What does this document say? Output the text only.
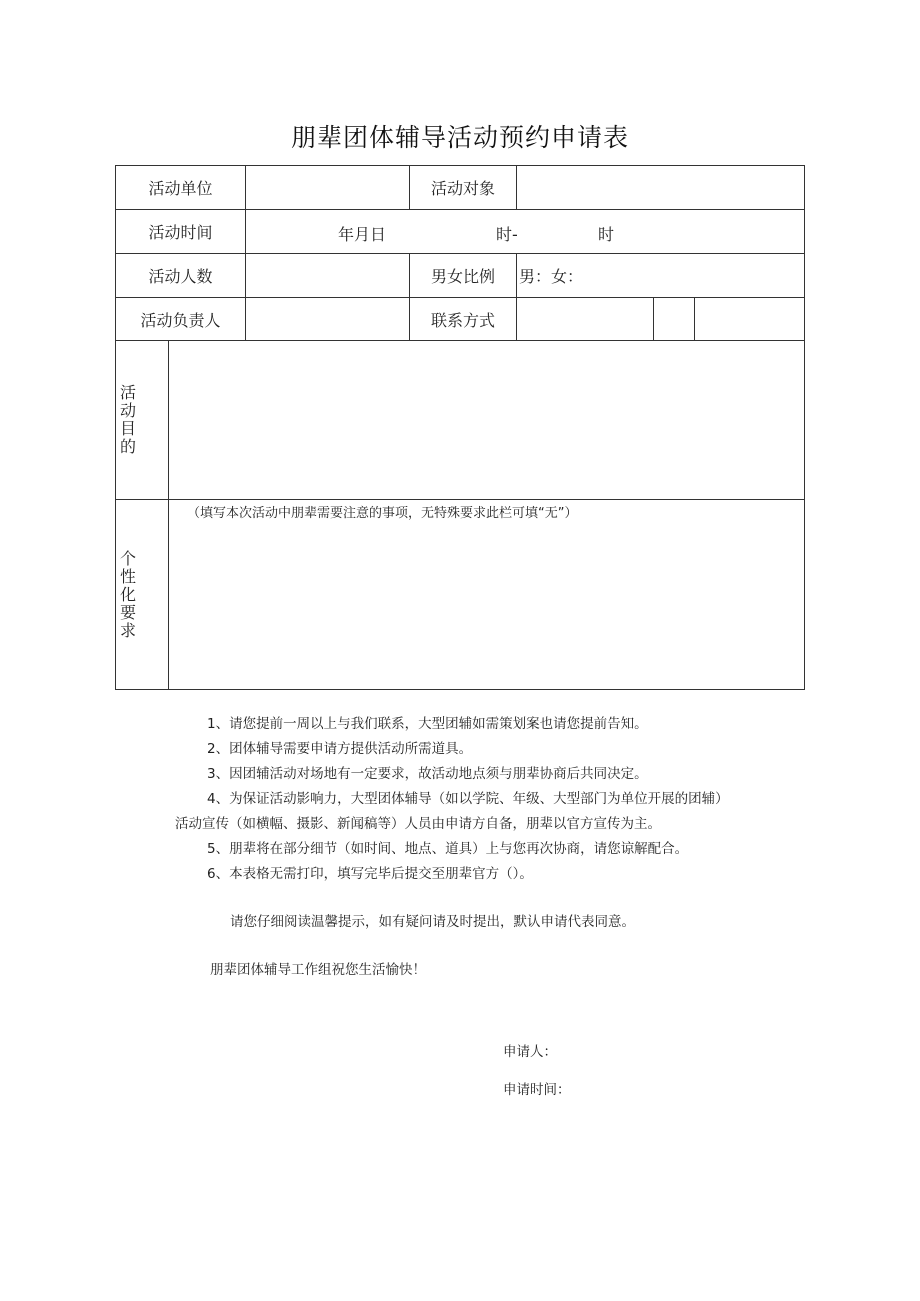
朋辈团体辅导活动预约申请表
活动单位			活动对象			
活动时间		年月日 时- 时				

活动人数			男女比例	男：女：		
活动负责人			联系方式			

活动目的						

个性化要求	（填写本次活动中朋辈需要注意的事项，无特殊要求此栏可填“无”）					
1、请您提前一周以上与我们联系，大型团辅如需策划案也请您提前告知。
2、团体辅导需要申请方提供活动所需道具。
3、因团辅活动对场地有一定要求，故活动地点须与朋辈协商后共同决定。
4、为保证活动影响力，大型团体辅导（如以学院、年级、大型部门为单位开展的团辅）
活动宣传（如横幅、摄影、新闻稿等）人员由申请方自备，朋辈以官方宣传为主。
5、朋辈将在部分细节（如时间、地点、道具）上与您再次协商，请您谅解配合。
6、本表格无需打印，填写完毕后提交至朋辈官方（）。
请您仔细阅读温馨提示，如有疑问请及时提出，默认申请代表同意。
朋辈团体辅导工作组祝您生活愉快！
申请人：
申请时间：
